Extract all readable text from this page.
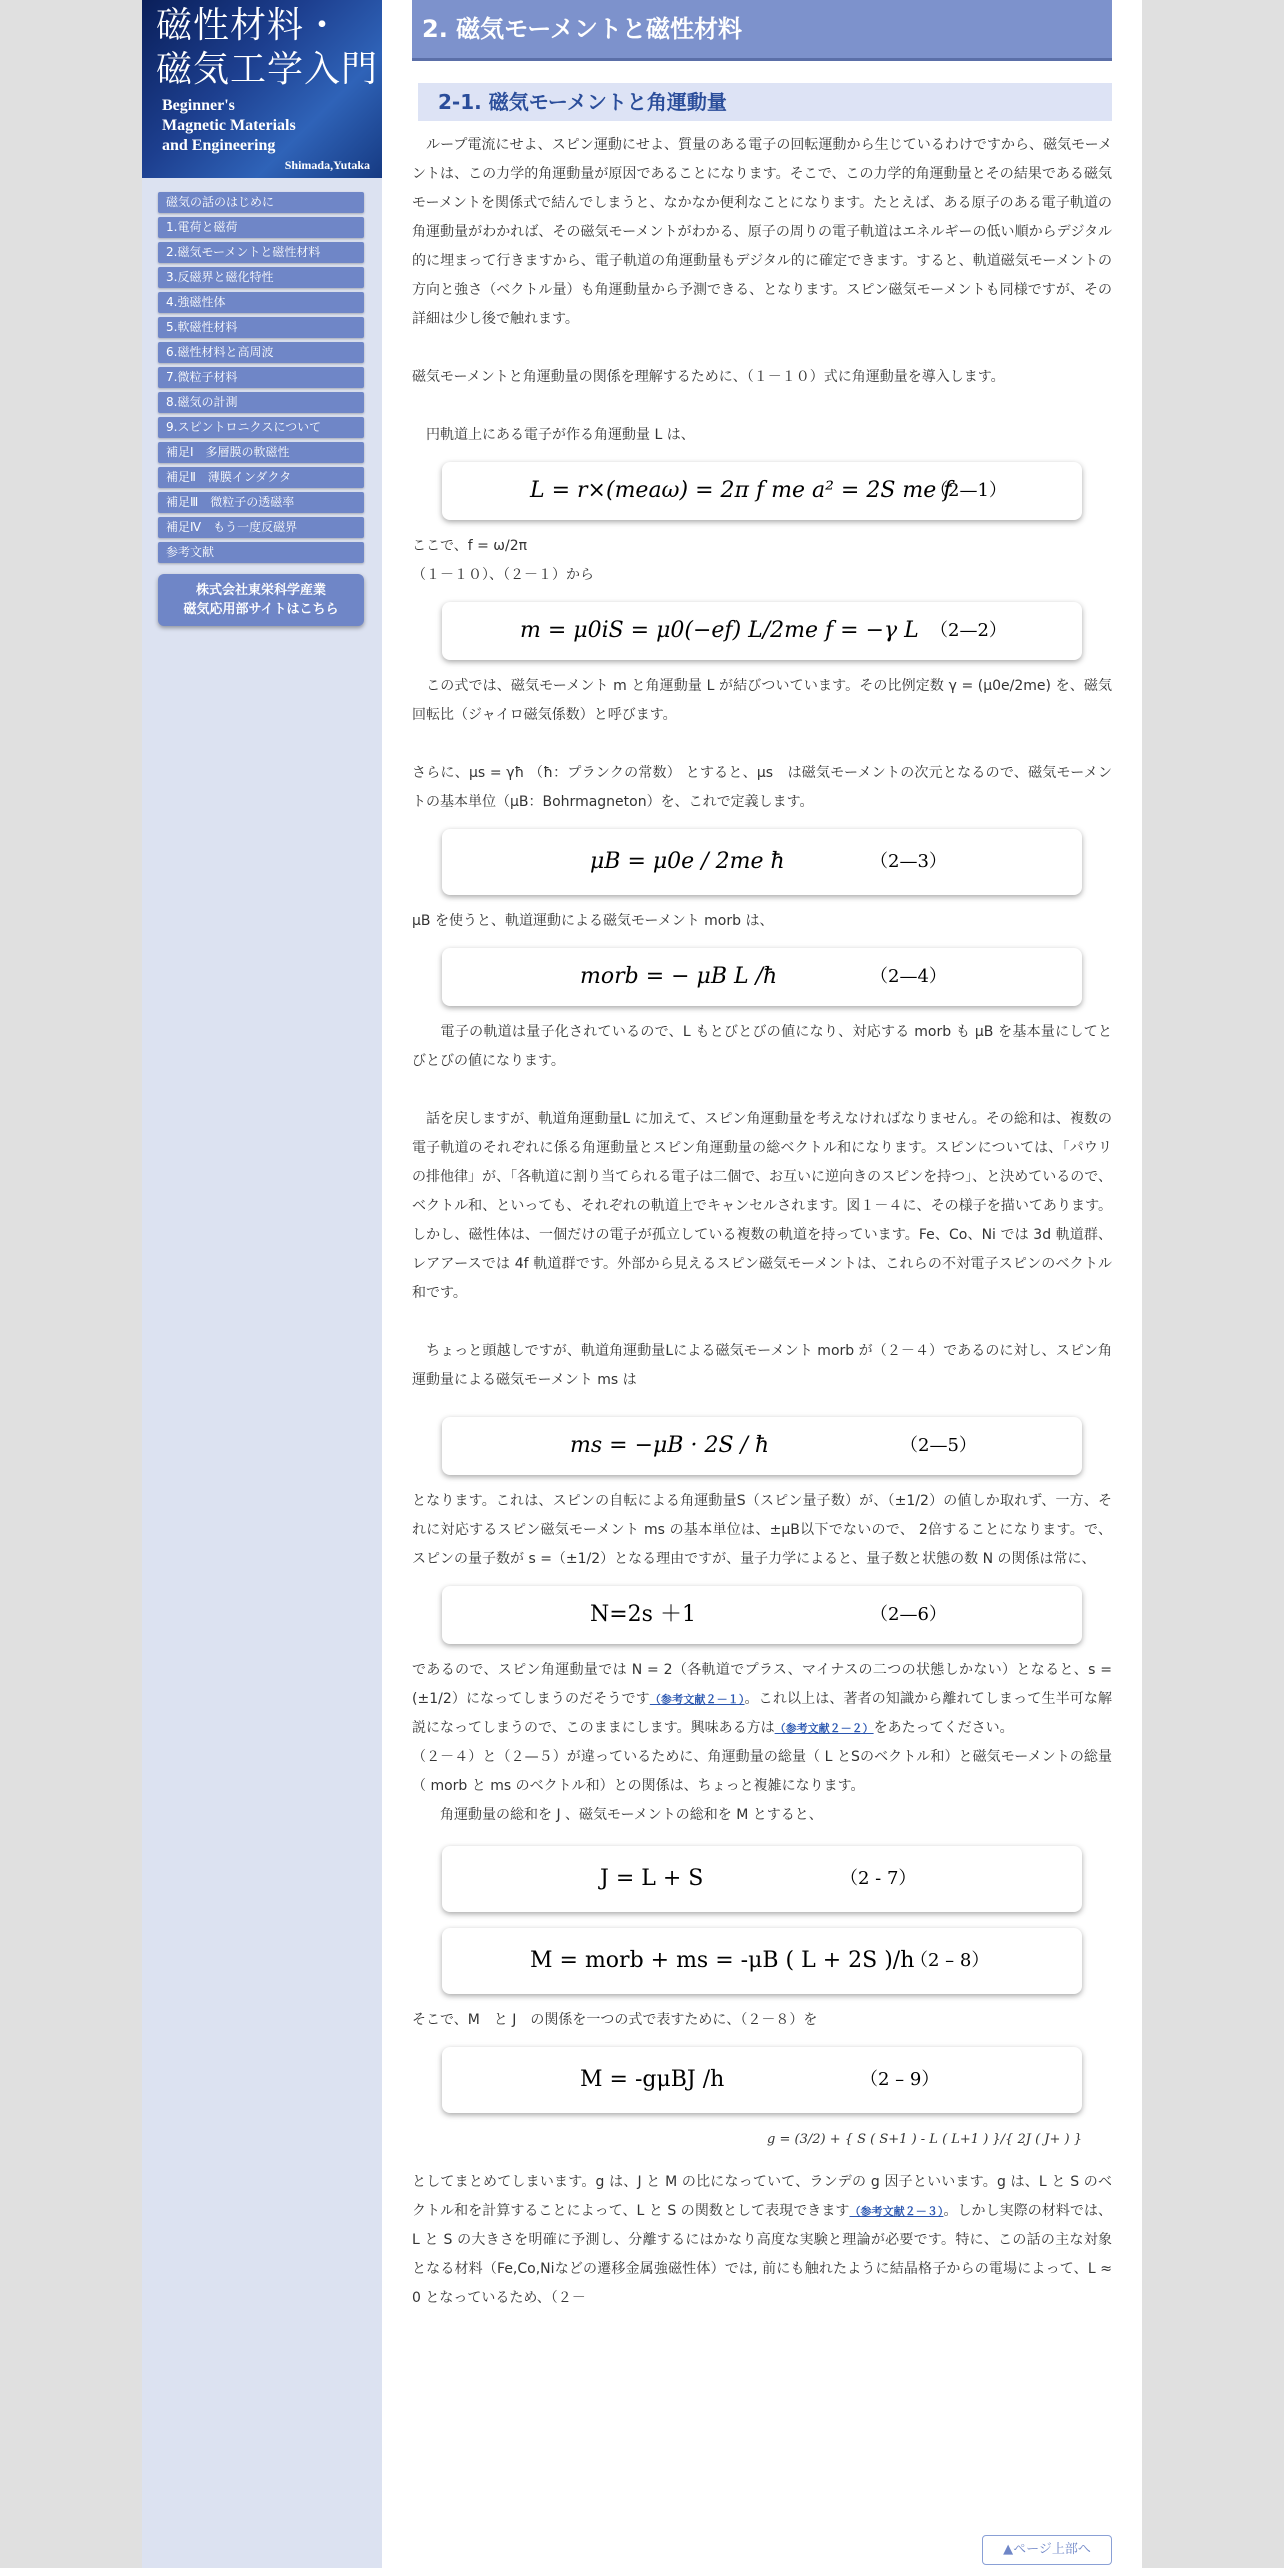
磁性材料・
磁気工学入門
Beginner's
Magnetic Materials
and Engineering
Shimada,Yutaka
磁気の話のはじめに
1.電荷と磁荷
2.磁気モーメントと磁性材料
3.反磁界と磁化特性
4.強磁性体
5.軟磁性材料
6.磁性材料と高周波
7.微粒子材料
8.磁気の計測
9.スピントロニクスについて
補足Ⅰ　多層膜の軟磁性
補足Ⅱ　薄膜インダクタ
補足Ⅲ　微粒子の透磁率
補足Ⅳ　もう一度反磁界
参考文献
株式会社東栄科学産業
磁気応用部サイトはこちら
2. 磁気モーメントと磁性材料
2-1. 磁気モーメントと角運動量

　ループ電流にせよ、スピン運動にせよ、質量のある電子の回転運動から生じているわけですから、磁気モーメントは、この力学的角運動量が原因であることになります。そこで、この力学的角運動量とその結果である磁気モーメントを関係式で結んでしまうと、なかなか便利なことになります。たとえば、ある原子のある電子軌道の角運動量がわかれば、その磁気モーメントがわかる、原子の周りの電子軌道はエネルギーの低い順からデジタル的に埋まって行きますから、電子軌道の角運動量もデジタル的に確定できます。すると、軌道磁気モーメントの方向と強さ（ベクトル量）も角運動量から予測できる、となります。スピン磁気モーメントも同様ですが、その詳細は少し後で触れます。

磁気モーメントと角運動量の関係を理解するために、（１－１０）式に角運動量を導入します。

　円軌道上にある電子が作る角運動量 L は、

L = r×(meaω) = 2π f me a² = 2S me f
（2—1）

ここで、f = ω/2π

（１－１０）、（２－１）から

m = μ0iS = μ0(−ef) L/2me f = −γ L （2—2）

　この式では、磁気モーメント m と角運動量 L が結びついています。その比例定数 γ = (μ0e/2me) を、磁気回転比（ジャイロ磁気係数）と呼びます。

さらに、μs = γħ （ħ：プランクの常数） とすると、μs　は磁気モーメントの次元となるので、磁気モーメントの基本単位（μB：Bohrmagneton）を、これで定義します。

μB = μ0e / 2me ħ	（2—3）

μB を使うと、軌道運動による磁気モーメント morb は、

morb = − μB L /ħ	（2—4）

　　電子の軌道は量子化されているので、L もとびとびの値になり、対応する morb も μB を基本量にしてとびとびの値になります。

　話を戻しますが、軌道角運動量L に加えて、スピン角運動量を考えなければなりません。その総和は、複数の電子軌道のそれぞれに係る角運動量とスピン角運動量の総ベクトル和になります。スピンについては、「パウリの排他律」が、「各軌道に割り当てられる電子は二個で、お互いに逆向きのスピンを持つ」、と決めているので、ベクトル和、といっても、それぞれの軌道上でキャンセルされます。図１－４に、その様子を描いてあります。しかし、磁性体は、一個だけの電子が孤立している複数の軌道を持っています。Fe、Co、Ni では 3d 軌道群、レアアースでは 4f 軌道群です。外部から見えるスピン磁気モーメントは、これらの不対電子スピンのベクトル和です。

　ちょっと頭越しですが、軌道角運動量Lによる磁気モーメント morb が（２－４）であるのに対し、スピン角運動量による磁気モーメント ms は

ms = −μB · 2S / ħ	（2—5）

となります。これは、スピンの自転による角運動量S（スピン量子数）が、（±1/2）の値しか取れず、一方、それに対応するスピン磁気モーメント ms の基本単位は、±μB以下でないので、 2倍することになります。で、スピンの量子数が s =（±1/2）となる理由ですが、量子力学によると、量子数と状態の数 N の関係は常に、

N=2s ＋1	（2—6）

であるので、スピン角運動量では N = 2（各軌道でプラス、マイナスの二つの状態しかない）となると、s = (±1/2）になってしまうのだそうです（参考文献２－１）。これ以上は、著者の知識から離れてしまって生半可な解説になってしまうので、このままにします。興味ある方は（参考文献２－２）をあたってください。

（２－４）と（２—５）が違っているために、角運動量の総量（ L とSのベクトル和）と磁気モーメントの総量（ morb と ms のベクトル和）との関係は、ちょっと複雑になります。

　　角運動量の総和を J 、磁気モーメントの総和を M とすると、

J = L + S	（2 - 7）
M = morb + ms = -μB ( L + 2S )/h
（2 – 8）

そこで、M　と J　の関係を一つの式で表すために、（２－８）を

M = -gμBJ /h	（2 – 9）
g = (3/2) + { S ( S+1 ) - L ( L+1 ) }/{ 2J ( J+ ) }

としてまとめてしまいます。g は、J と M の比になっていて、ランデの g 因子といいます。g は、L と S のベクトル和を計算することによって、L と S の関数として表現できます（参考文献２－３）。しかし実際の材料では、L と S の大きさを明確に予測し、分離するにはかなり高度な実験と理論が必要です。特に、この話の主な対象となる材料（Fe,Co,Niなどの遷移金属強磁性体）では, 前にも触れたように結晶格子からの電場によって、L ≈ 0 となっているため、（２－

▲ページ上部へ
